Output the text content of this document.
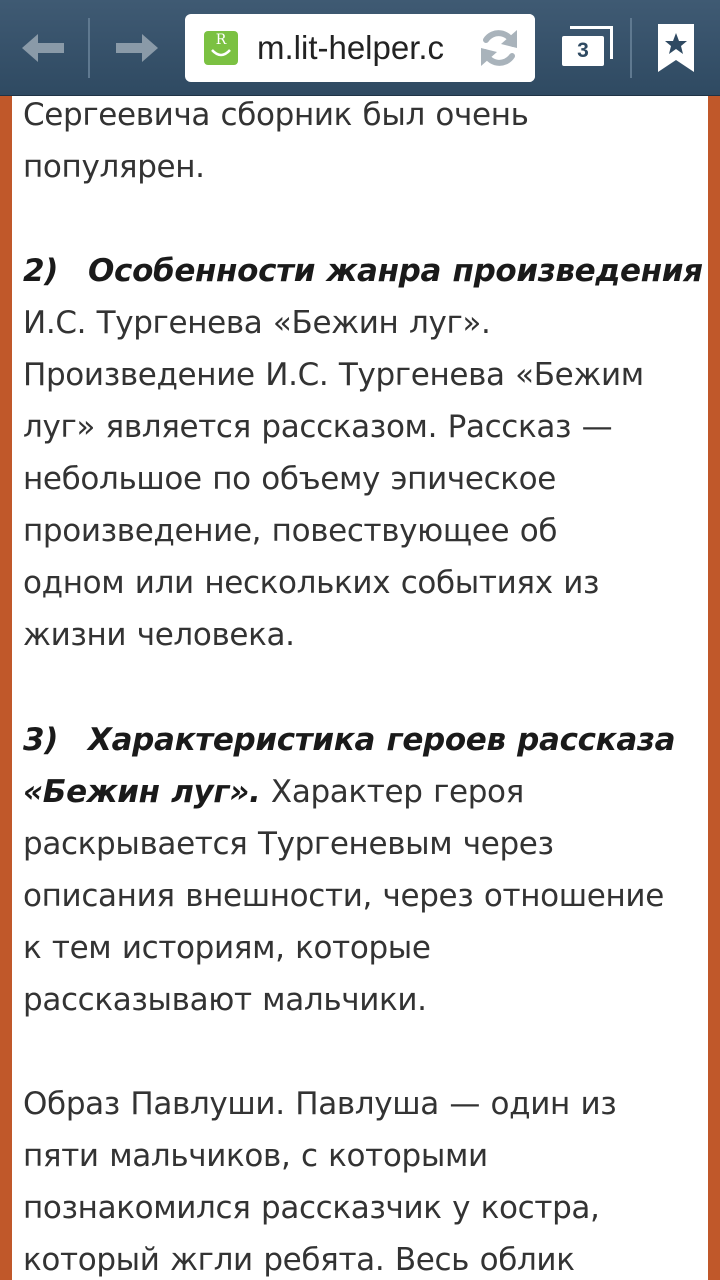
R m.lit-helper.c	3
Сергеевича сборник был очень
популярен.
2) Особенности жанра произведения
И.С. Тургенева «Бежин луг».
Произведение И.С. Тургенева «Бежим
луг» является рассказом. Рассказ —
небольшое по объему эпическое
произведение, повествующее об
одном или нескольких событиях из
жизни человека.
3) Характеристика героев рассказа
«Бежин луг». Характер героя
раскрывается Тургеневым через
описания внешности, через отношение
к тем историям, которые
рассказывают мальчики.
Образ Павлуши. Павлуша — один из
пяти мальчиков, с которыми
познакомился рассказчик у костра,
который жгли ребята. Весь облик
